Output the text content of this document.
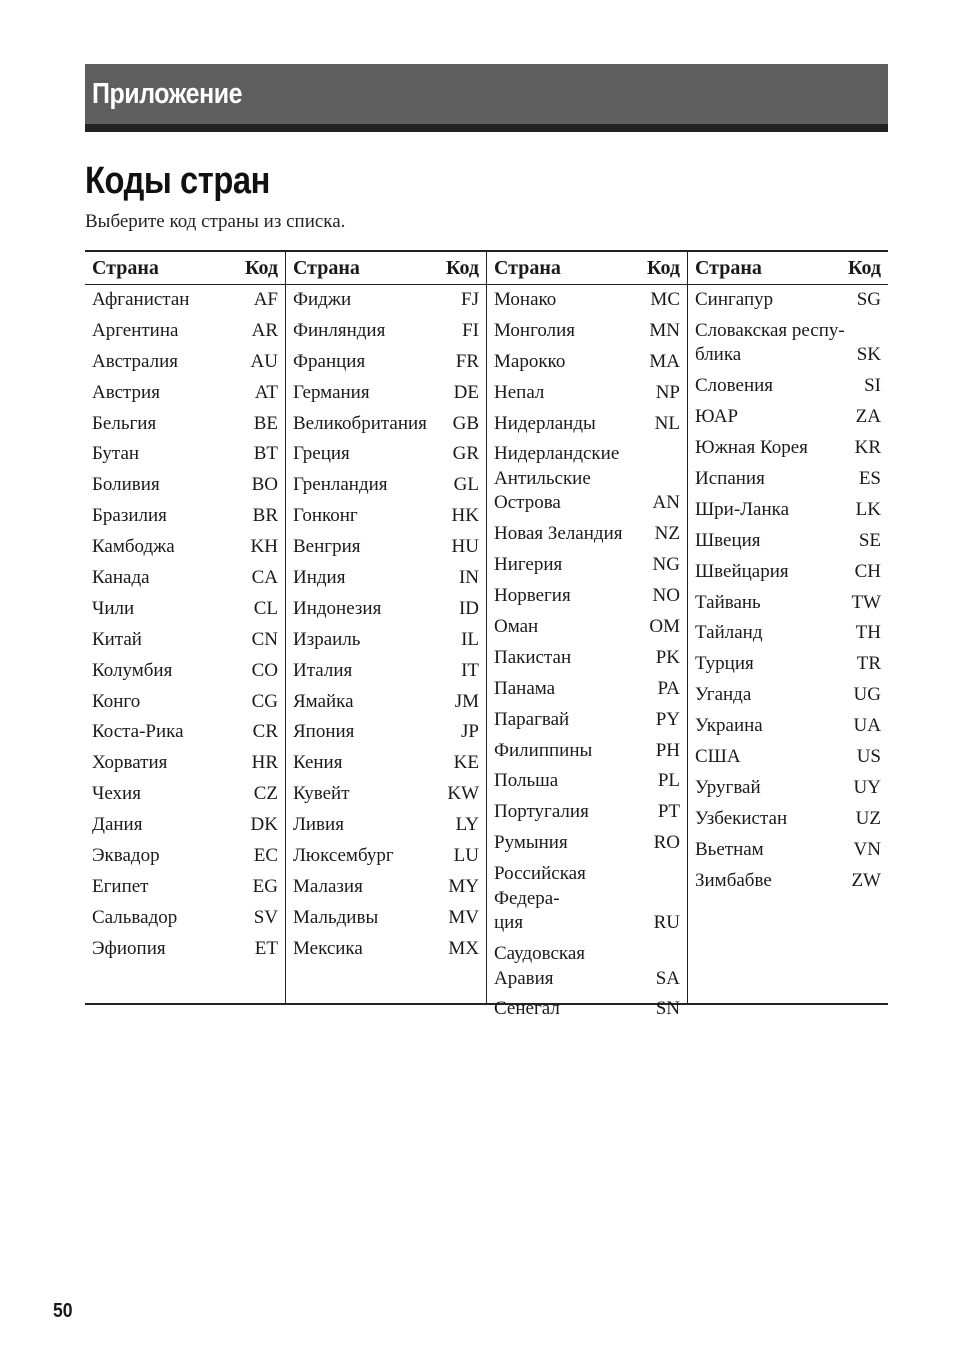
Приложение
Коды стран
Выберите код страны из списка.
Страна	Код
Афганистан	AF
Аргентина	AR
Австралия	AU
Австрия	AT
Бельгия	BE
Бутан	BT
Боливия	BO
Бразилия	BR
Камбоджа	KH
Канада	CA
Чили	CL
Китай	CN
Колумбия	CO
Конго	CG
Коста-Рика	CR
Хорватия	HR
Чехия	CZ
Дания	DK
Эквадор	EC
Египет	EG
Сальвадор	SV
Эфиопия	ET
Страна	Код
Фиджи	FJ
Финляндия	FI
Франция	FR
Германия	DE
Великобритания	GB
Греция	GR
Гренландия	GL
Гонконг	HK
Венгрия	HU
Индия	IN
Индонезия	ID
Израиль	IL
Италия	IT
Ямайка	JM
Япония	JP
Кения	KE
Кувейт	KW
Ливия	LY
Люксембург	LU
Малазия	MY
Мальдивы	MV
Мексика	MX
Страна	Код
Монако	MC
Монголия	MN
Марокко	MA
Непал	NP
Нидерланды	NL
Нидерландские
Антильские
Острова	AN
Новая Зеландия	NZ
Нигерия	NG
Норвегия	NO
Оман	OM
Пакистан	PK
Панама	PA
Парагвай	PY
Филиппины	PH
Польша	PL
Португалия	PT
Румыния	RO
Российская Федера-
ция	RU
Саудовская
Аравия	SA
Сенегал	SN
Страна	Код
Сингапур	SG
Словакская респу-
блика	SK
Словения	SI
ЮАР	ZA
Южная Корея	KR
Испания	ES
Шри-Ланка	LK
Швеция	SE
Швейцария	CH
Тайвань	TW
Тайланд	TH
Турция	TR
Уганда	UG
Украина	UA
США	US
Уругвай	UY
Узбекистан	UZ
Вьетнам	VN
Зимбабве	ZW
50
